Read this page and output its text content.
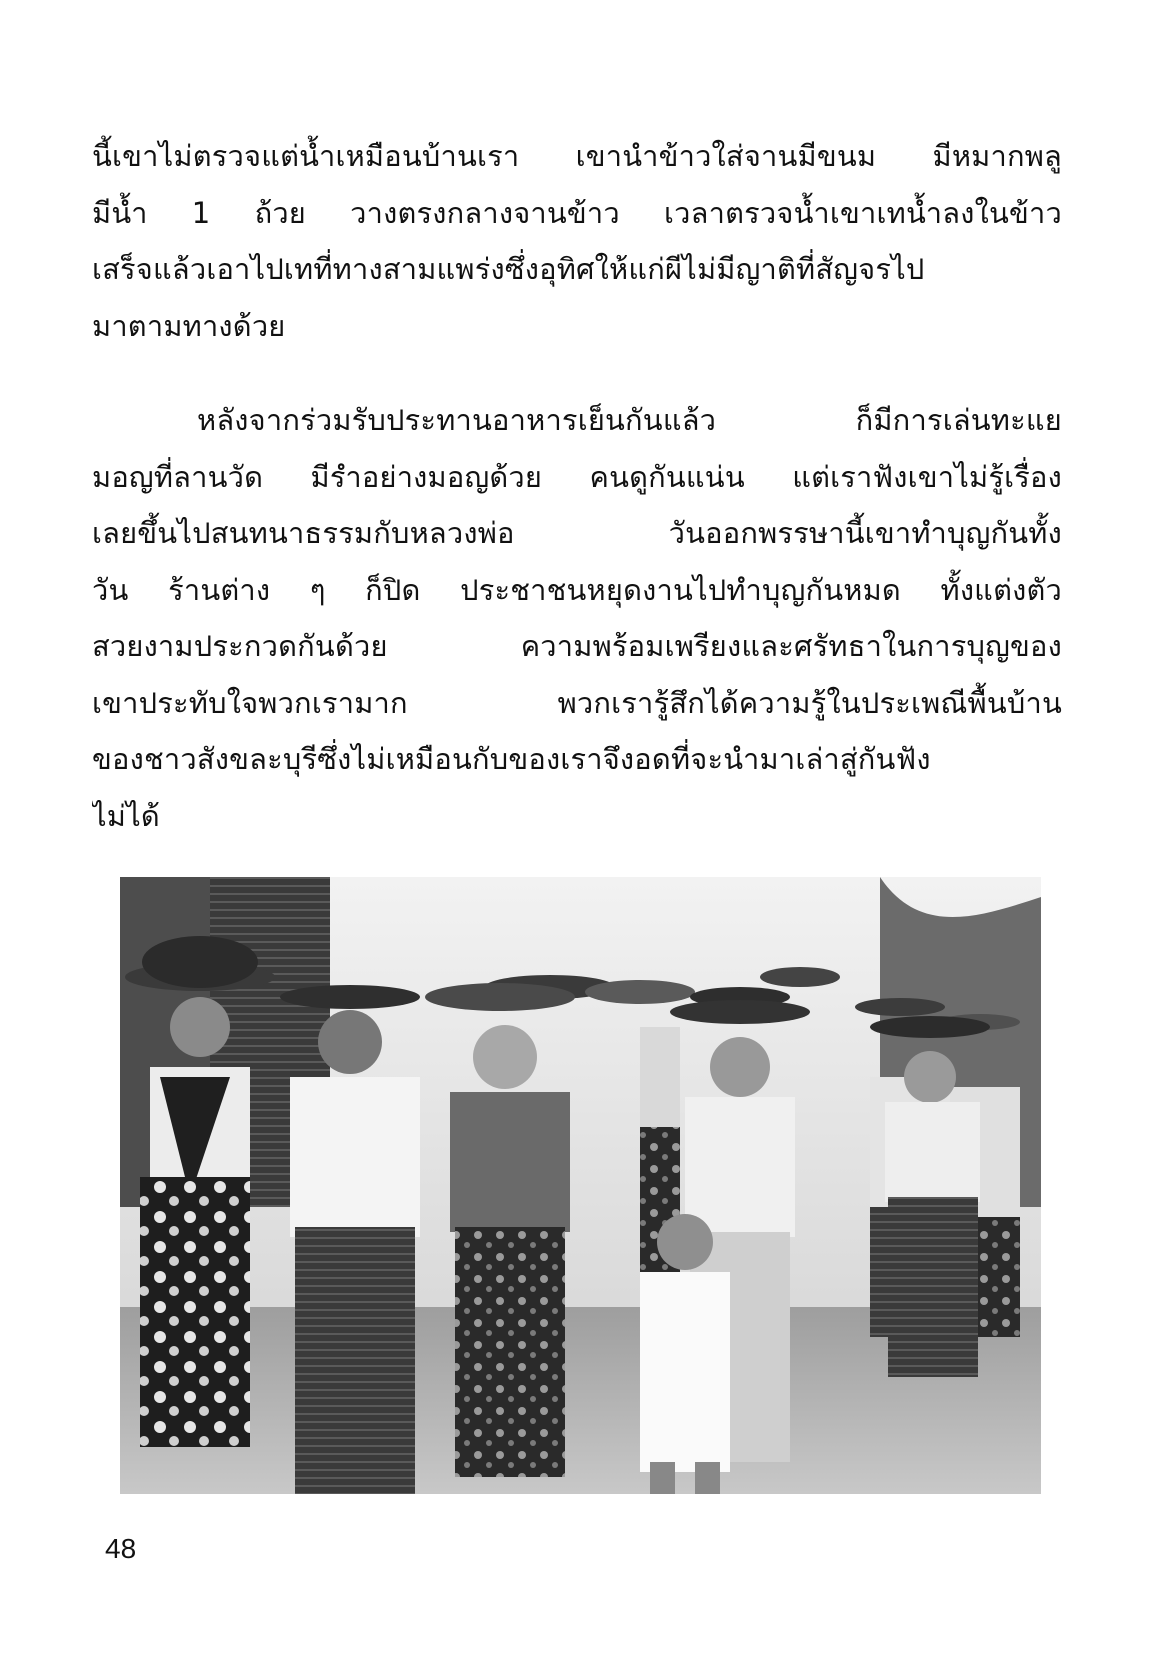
นี้เขาไม่ตรวจแต่น้ำเหมือนบ้านเรา เขานำข้าวใส่จานมีขนม มีหมากพลู
มีน้ำ 1 ถ้วย วางตรงกลางจานข้าว เวลาตรวจน้ำเขาเทน้ำลงในข้าว
เสร็จแล้วเอาไปเทที่ทางสามแพร่งซึ่งอุทิศให้แก่ผีไม่มีญาติที่สัญจรไป
มาตามทางด้วย
หลังจากร่วมรับประทานอาหารเย็นกันแล้ว	ก็มีการเล่นทะแย
มอญที่ลานวัด มีรำอย่างมอญด้วย คนดูกันแน่น แต่เราฟังเขาไม่รู้เรื่อง
เลยขึ้นไปสนทนาธรรมกับหลวงพ่อ	วันออกพรรษานี้เขาทำบุญกันทั้ง
วัน ร้านต่าง ๆ ก็ปิด ประชาชนหยุดงานไปทำบุญกันหมด ทั้งแต่งตัว
สวยงามประกวดกันด้วย	ความพร้อมเพรียงและศรัทธาในการบุญของ
เขาประทับใจพวกเรามาก	พวกเรารู้สึกได้ความรู้ในประเพณีพื้นบ้าน
ของชาวสังขละบุรีซึ่งไม่เหมือนกับของเราจึงอดที่จะนำมาเล่าสู่กันฟัง
ไม่ได้
48
